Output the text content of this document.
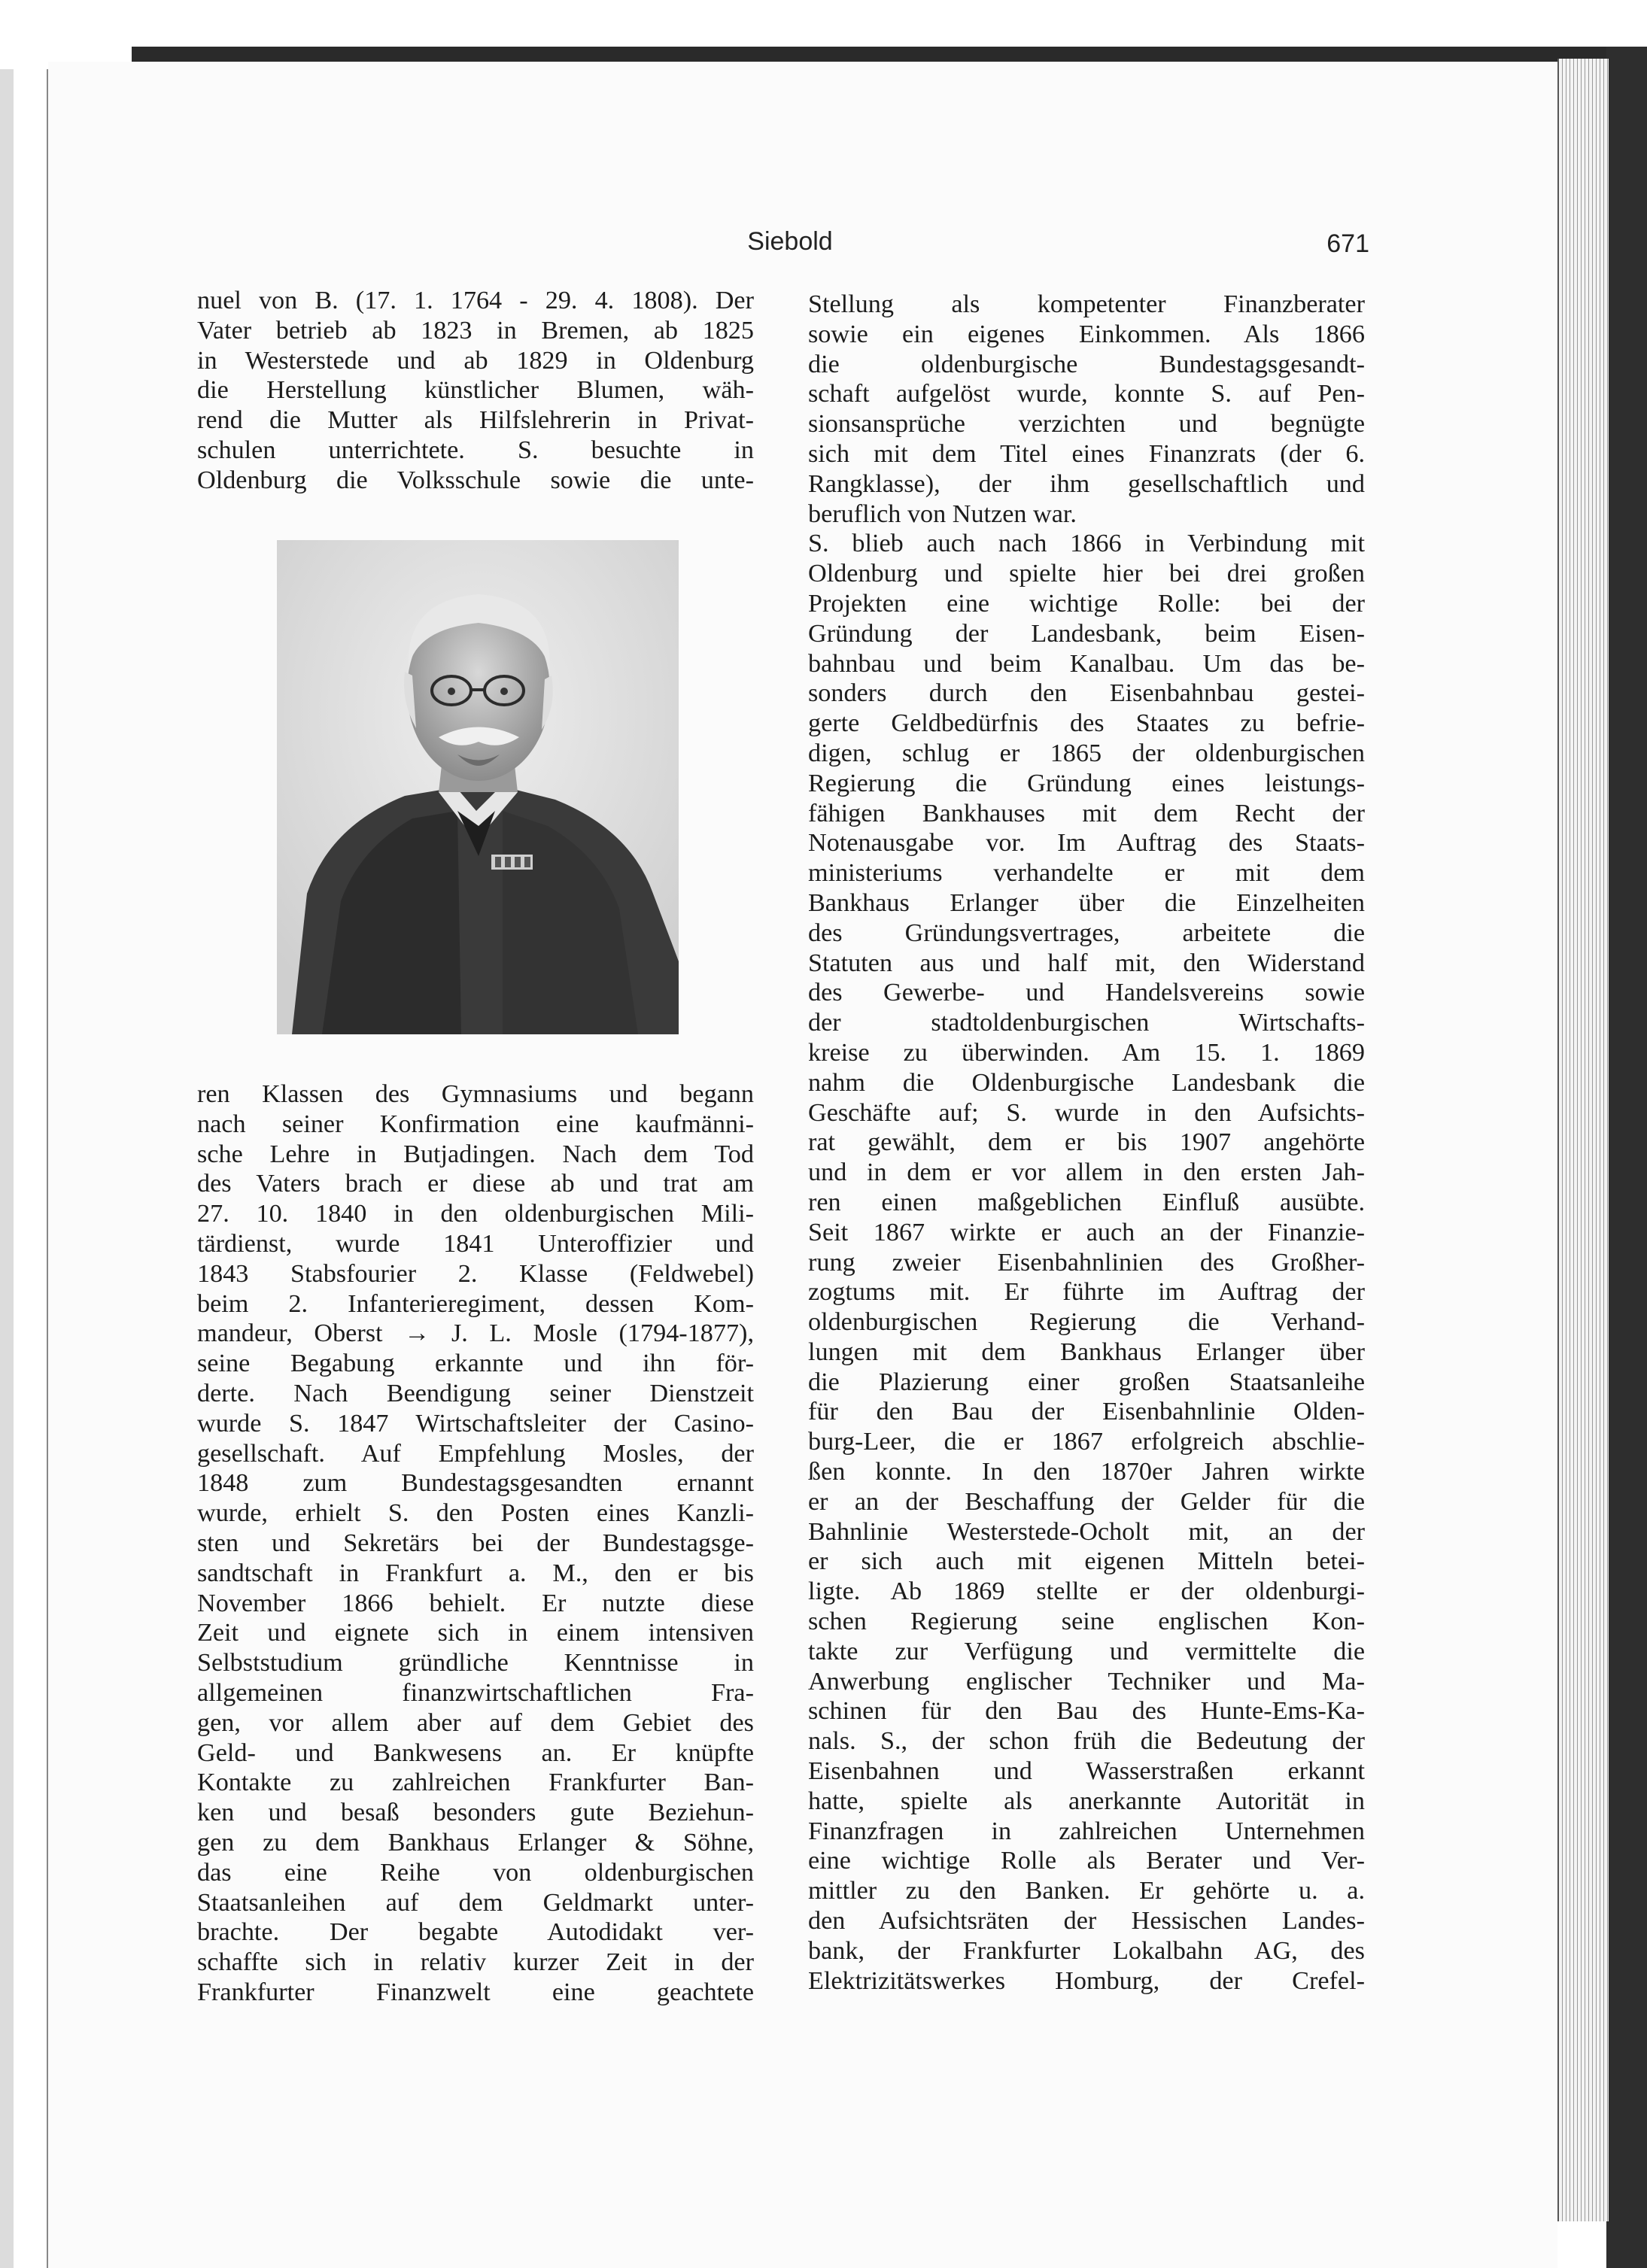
Siebold	671
nuel von B. (17. 1. 1764 - 29. 4. 1808). Der
Vater betrieb ab 1823 in Bremen, ab 1825
in Westerstede und ab 1829 in Oldenburg
die Herstellung künstlicher Blumen, wäh-
rend die Mutter als Hilfslehrerin in Privat-
schulen unterrichtete. S. besuchte in
Oldenburg die Volksschule sowie die unte-
ren Klassen des Gymnasiums und begann
nach seiner Konfirmation eine kaufmänni-
sche Lehre in Butjadingen. Nach dem Tod
des Vaters brach er diese ab und trat am
27. 10. 1840 in den oldenburgischen Mili-
tärdienst, wurde 1841 Unteroffizier und
1843 Stabsfourier 2. Klasse (Feldwebel)
beim 2. Infanterieregiment, dessen Kom-
mandeur, Oberst → J. L. Mosle (1794-1877),
seine Begabung erkannte und ihn för-
derte. Nach Beendigung seiner Dienstzeit
wurde S. 1847 Wirtschaftsleiter der Casino-
gesellschaft. Auf Empfehlung Mosles, der
1848 zum Bundestagsgesandten ernannt
wurde, erhielt S. den Posten eines Kanzli-
sten und Sekretärs bei der Bundestagsge-
sandtschaft in Frankfurt a. M., den er bis
November 1866 behielt. Er nutzte diese
Zeit und eignete sich in einem intensiven
Selbststudium gründliche Kenntnisse in
allgemeinen finanzwirtschaftlichen Fra-
gen, vor allem aber auf dem Gebiet des
Geld- und Bankwesens an. Er knüpfte
Kontakte zu zahlreichen Frankfurter Ban-
ken und besaß besonders gute Beziehun-
gen zu dem Bankhaus Erlanger & Söhne,
das eine Reihe von oldenburgischen
Staatsanleihen auf dem Geldmarkt unter-
brachte. Der begabte Autodidakt ver-
schaffte sich in relativ kurzer Zeit in der
Frankfurter Finanzwelt eine geachtete
Stellung als kompetenter Finanzberater
sowie ein eigenes Einkommen. Als 1866
die oldenburgische Bundestagsgesandt-
schaft aufgelöst wurde, konnte S. auf Pen-
sionsansprüche verzichten und begnügte
sich mit dem Titel eines Finanzrats (der 6.
Rangklasse), der ihm gesellschaftlich und
beruflich von Nutzen war.
S. blieb auch nach 1866 in Verbindung mit
Oldenburg und spielte hier bei drei großen
Projekten eine wichtige Rolle: bei der
Gründung der Landesbank, beim Eisen-
bahnbau und beim Kanalbau. Um das be-
sonders durch den Eisenbahnbau gestei-
gerte Geldbedürfnis des Staates zu befrie-
digen, schlug er 1865 der oldenburgischen
Regierung die Gründung eines leistungs-
fähigen Bankhauses mit dem Recht der
Notenausgabe vor. Im Auftrag des Staats-
ministeriums verhandelte er mit dem
Bankhaus Erlanger über die Einzelheiten
des Gründungsvertrages, arbeitete die
Statuten aus und half mit, den Widerstand
des Gewerbe- und Handelsvereins sowie
der stadtoldenburgischen Wirtschafts-
kreise zu überwinden. Am 15. 1. 1869
nahm die Oldenburgische Landesbank die
Geschäfte auf; S. wurde in den Aufsichts-
rat gewählt, dem er bis 1907 angehörte
und in dem er vor allem in den ersten Jah-
ren einen maßgeblichen Einfluß ausübte.
Seit 1867 wirkte er auch an der Finanzie-
rung zweier Eisenbahnlinien des Großher-
zogtums mit. Er führte im Auftrag der
oldenburgischen Regierung die Verhand-
lungen mit dem Bankhaus Erlanger über
die Plazierung einer großen Staatsanleihe
für den Bau der Eisenbahnlinie Olden-
burg-Leer, die er 1867 erfolgreich abschlie-
ßen konnte. In den 1870er Jahren wirkte
er an der Beschaffung der Gelder für die
Bahnlinie Westerstede-Ocholt mit, an der
er sich auch mit eigenen Mitteln betei-
ligte. Ab 1869 stellte er der oldenburgi-
schen Regierung seine englischen Kon-
takte zur Verfügung und vermittelte die
Anwerbung englischer Techniker und Ma-
schinen für den Bau des Hunte-Ems-Ka-
nals. S., der schon früh die Bedeutung der
Eisenbahnen und Wasserstraßen erkannt
hatte, spielte als anerkannte Autorität in
Finanzfragen in zahlreichen Unternehmen
eine wichtige Rolle als Berater und Ver-
mittler zu den Banken. Er gehörte u. a.
den Aufsichtsräten der Hessischen Landes-
bank, der Frankfurter Lokalbahn AG, des
Elektrizitätswerkes Homburg, der Crefel-
